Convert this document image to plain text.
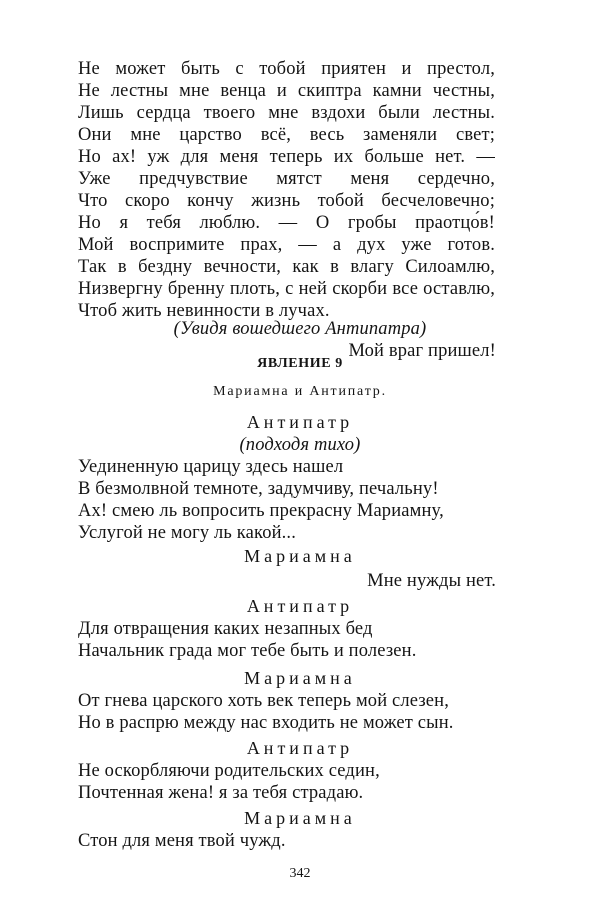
Не может быть с тобой приятен и престол,
Не лестны мне венца и скиптра камни честны,
Лишь сердца твоего мне вздохи были лестны.
Они мне царство всё, весь заменяли свет;
Но ах! уж для меня теперь их больше нет. —
Уже предчувствие мятст меня сердечно,
Что скоро кончу жизнь тобой бесчеловечно;
Но я тебя люблю. — О гробы праотцо́в!
Мой воспримите прах, — а дух уже готов.
Так в бездну вечности, как в влагу Силоамлю,
Низвергну бренну плоть, с ней скорби все оставлю,
Чтоб жить невинности в лучах.
(Увидя вошедшего Антипатра)
Мой враг пришел!
ЯВЛЕНИЕ 9
Мариамна и Антипатр.
Антипатр
(подходя тихо)
Уединенную царицу здесь нашел
В безмолвной темноте, задумчиву, печальну!
Ах! смею ль вопросить прекрасну Мариамну,
Услугой не могу ль какой...
Мариамна
Мне нужды нет.
Антипатр
Для отвращения каких незапных бед
Начальник града мог тебе быть и полезен.
Мариамна
От гнева царского хоть век теперь мой слезен,
Но в распрю между нас входить не может сын.
Антипатр
Не оскорбляючи родительских седин,
Почтенная жена! я за тебя страдаю.
Мариамна
Стон для меня твой чужд.
342
